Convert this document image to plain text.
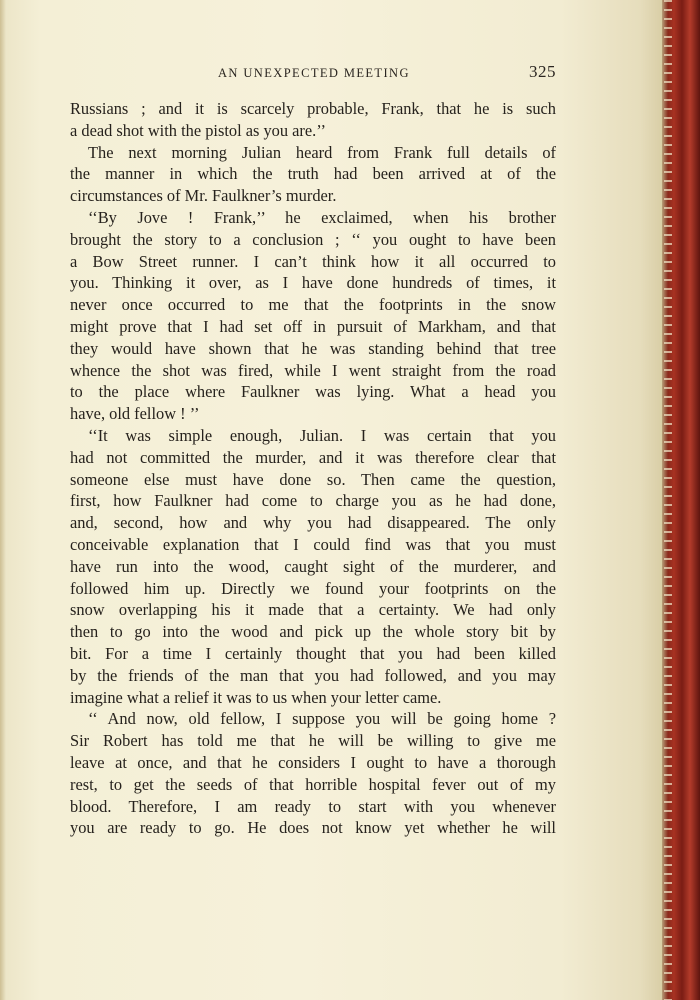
AN UNEXPECTED MEETING	325
Russians ; and it is scarcely probable, Frank, that he is such
a dead shot with the pistol as you are.’’
The next morning Julian heard from Frank full details of
the manner in which the truth had been arrived at of the
circumstances of Mr. Faulkner’s murder.
‘‘By Jove ! Frank,’’ he exclaimed, when his brother
brought the story to a conclusion ; ‘‘ you ought to have been
a Bow Street runner. I can’t think how it all occurred to
you. Thinking it over, as I have done hundreds of times, it
never once occurred to me that the footprints in the snow
might prove that I had set off in pursuit of Markham, and that
they would have shown that he was standing behind that tree
whence the shot was fired, while I went straight from the road
to the place where Faulkner was lying. What a head you
have, old fellow ! ’’
‘‘It was simple enough, Julian. I was certain that you
had not committed the murder, and it was therefore clear that
someone else must have done so. Then came the question,
first, how Faulkner had come to charge you as he had done,
and, second, how and why you had disappeared. The only
conceivable explanation that I could find was that you must
have run into the wood, caught sight of the murderer, and
followed him up. Directly we found your footprints on the
snow overlapping his it made that a certainty. We had only
then to go into the wood and pick up the whole story bit by
bit. For a time I certainly thought that you had been killed
by the friends of the man that you had followed, and you may
imagine what a relief it was to us when your letter came.
‘‘ And now, old fellow, I suppose you will be going home ?
Sir Robert has told me that he will be willing to give me
leave at once, and that he considers I ought to have a thorough
rest, to get the seeds of that horrible hospital fever out of my
blood. Therefore, I am ready to start with you whenever
you are ready to go. He does not know yet whether he will
